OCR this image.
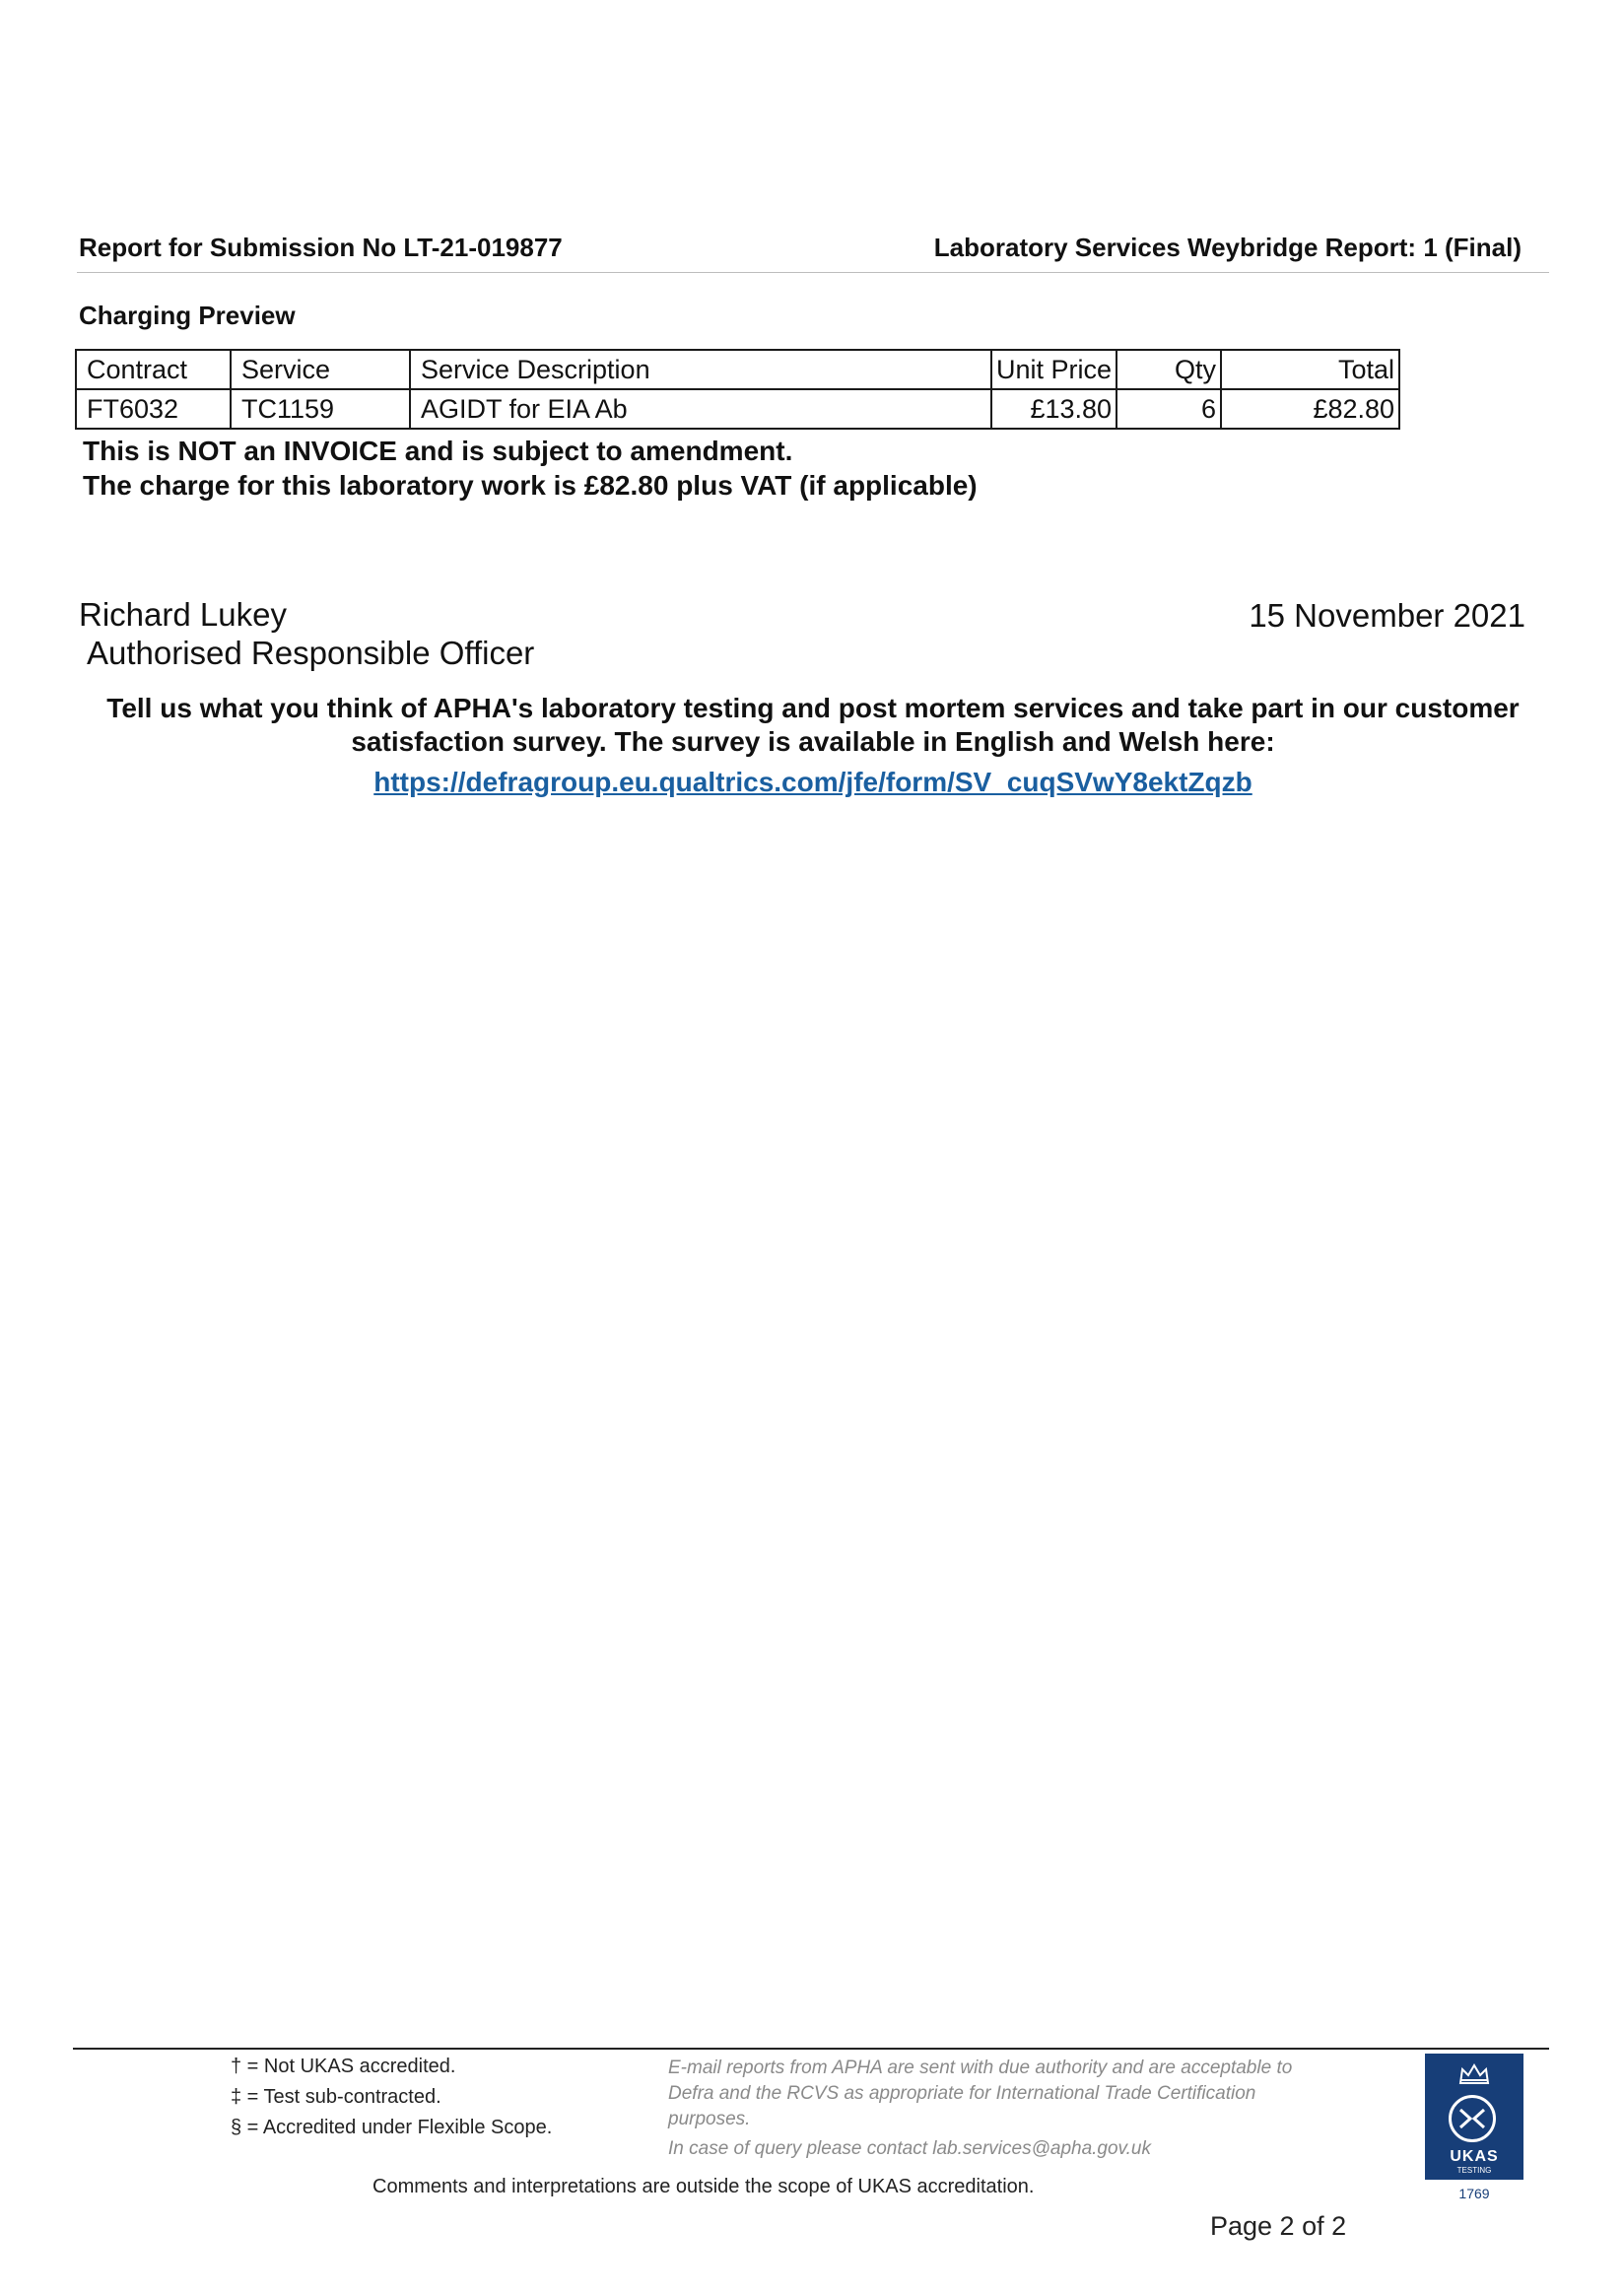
Report for Submission No LT-21-019877	Laboratory Services Weybridge Report: 1 (Final)
Charging Preview
Contract	Service	Service Description	Unit Price	Qty	Total
FT6032	TC1159	AGIDT for EIA Ab	£13.80	6	£82.80
This is NOT an INVOICE and is subject to amendment.
The charge for this laboratory work is £82.80 plus VAT (if applicable)
Richard Lukey
Authorised Responsible Officer
15 November 2021
Tell us what you think of APHA's laboratory testing and post mortem services and take part in our customer
satisfaction survey. The survey is available in English and Welsh here:
https://defragroup.eu.qualtrics.com/jfe/form/SV_cuqSVwY8ektZqzb
† = Not UKAS accredited.
‡ = Test sub-contracted.
§ = Accredited under Flexible Scope.
E-mail reports from APHA are sent with due authority and are acceptable to Defra and the RCVS as appropriate for International Trade Certification purposes.
In case of query please contact lab.services@apha.gov.uk
Comments and interpretations are outside the scope of UKAS accreditation.
UKAS
TESTING
1769
Page 2 of 2
